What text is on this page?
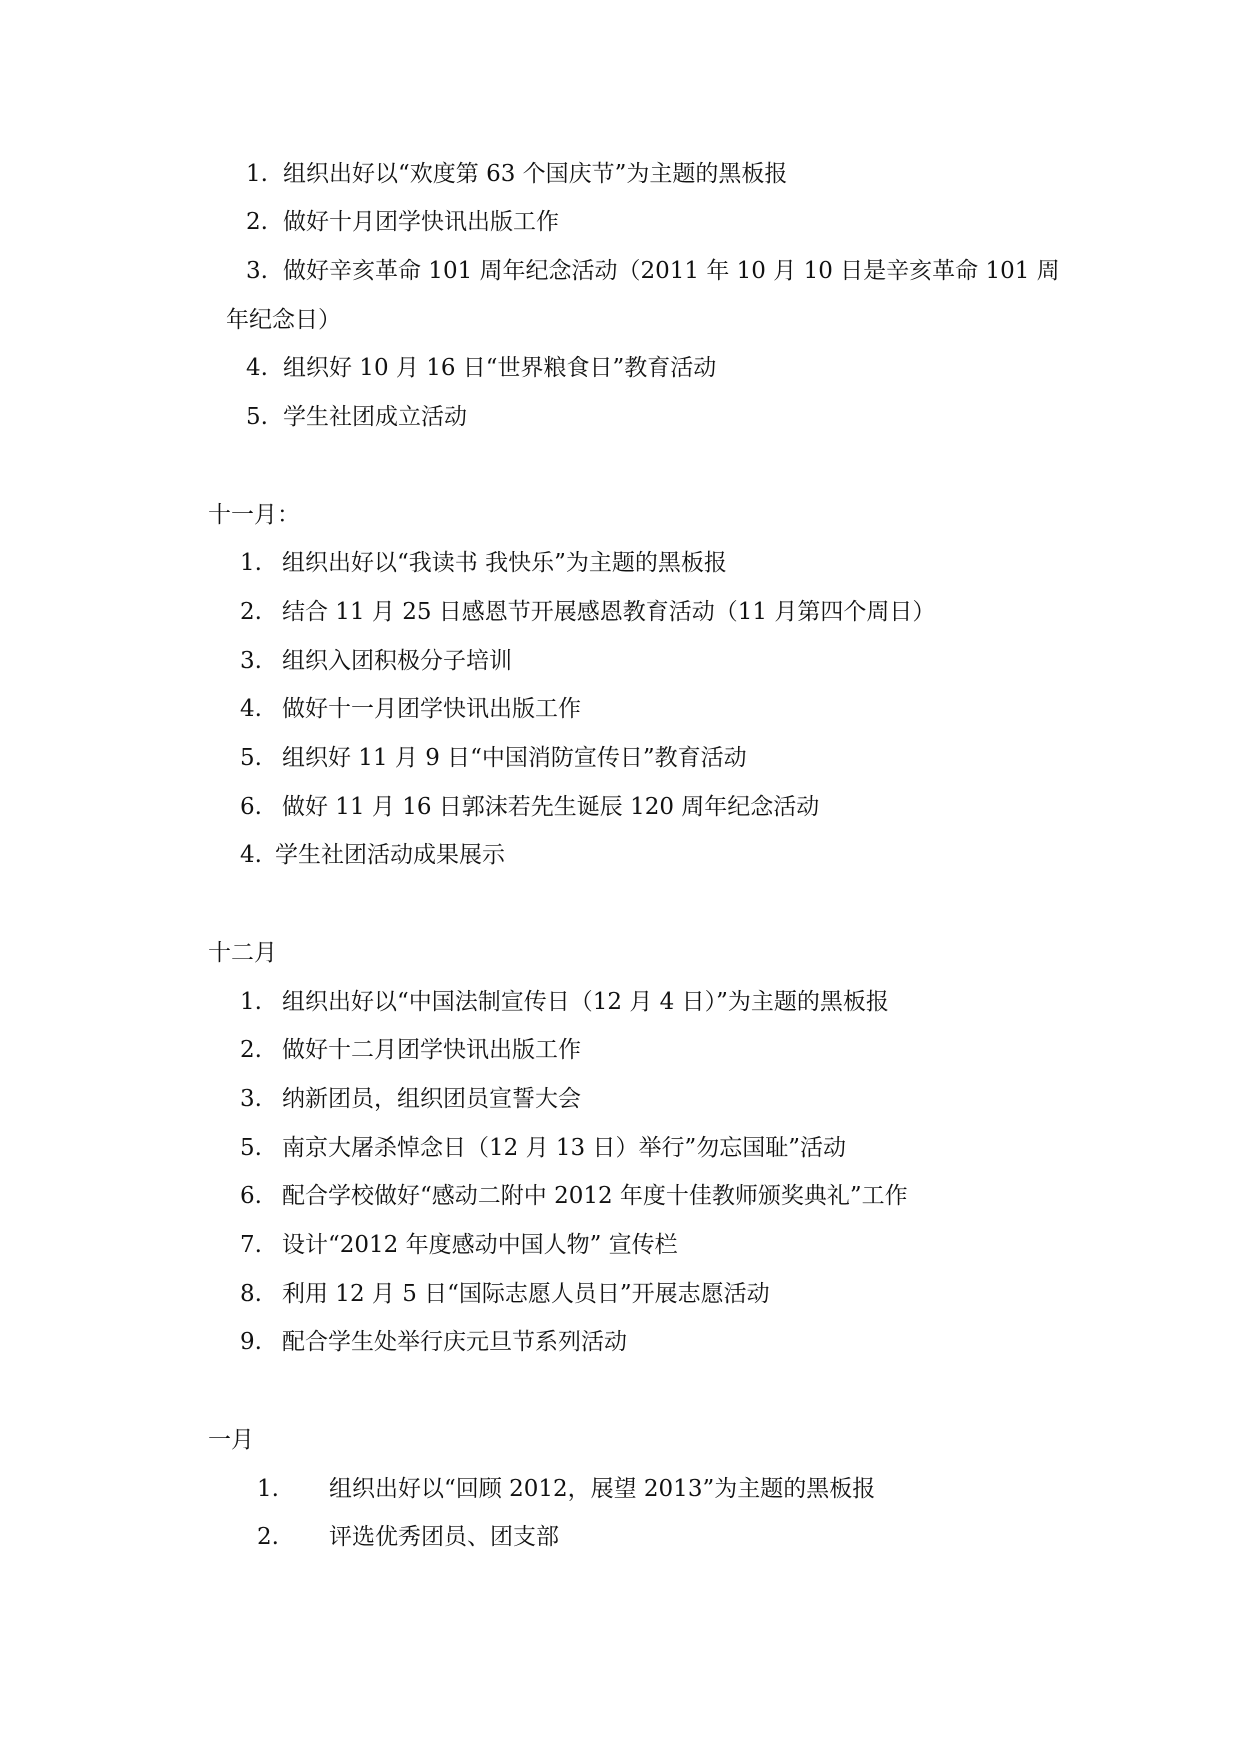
1. 组织出好以“欢度第 63 个国庆节”为主题的黑板报
2. 做好十月团学快讯出版工作
3. 做好辛亥革命 101 周年纪念活动（2011 年 10 月 10 日是辛亥革命 101 周
年纪念日）
4. 组织好 10 月 16 日“世界粮食日”教育活动
5. 学生社团成立活动
十一月：
1. 组织出好以“我读书 我快乐”为主题的黑板报
2. 结合 11 月 25 日感恩节开展感恩教育活动（11 月第四个周日）
3. 组织入团积极分子培训
4. 做好十一月团学快讯出版工作
5. 组织好 11 月 9 日“中国消防宣传日”教育活动
6. 做好 11 月 16 日郭沫若先生诞辰 120 周年纪念活动
4. 学生社团活动成果展示
十二月
1. 组织出好以“中国法制宣传日（12 月 4 日）”为主题的黑板报
2. 做好十二月团学快讯出版工作
3. 纳新团员，组织团员宣誓大会
5. 南京大屠杀悼念日（12 月 13 日）举行”勿忘国耻”活动
6. 配合学校做好“感动二附中 2012 年度十佳教师颁奖典礼”工作
7. 设计“2012 年度感动中国人物” 宣传栏
8. 利用 12 月 5 日“国际志愿人员日”开展志愿活动
9. 配合学生处举行庆元旦节系列活动
一月
1. 组织出好以“回顾 2012，展望 2013”为主题的黑板报
2. 评选优秀团员、团支部
